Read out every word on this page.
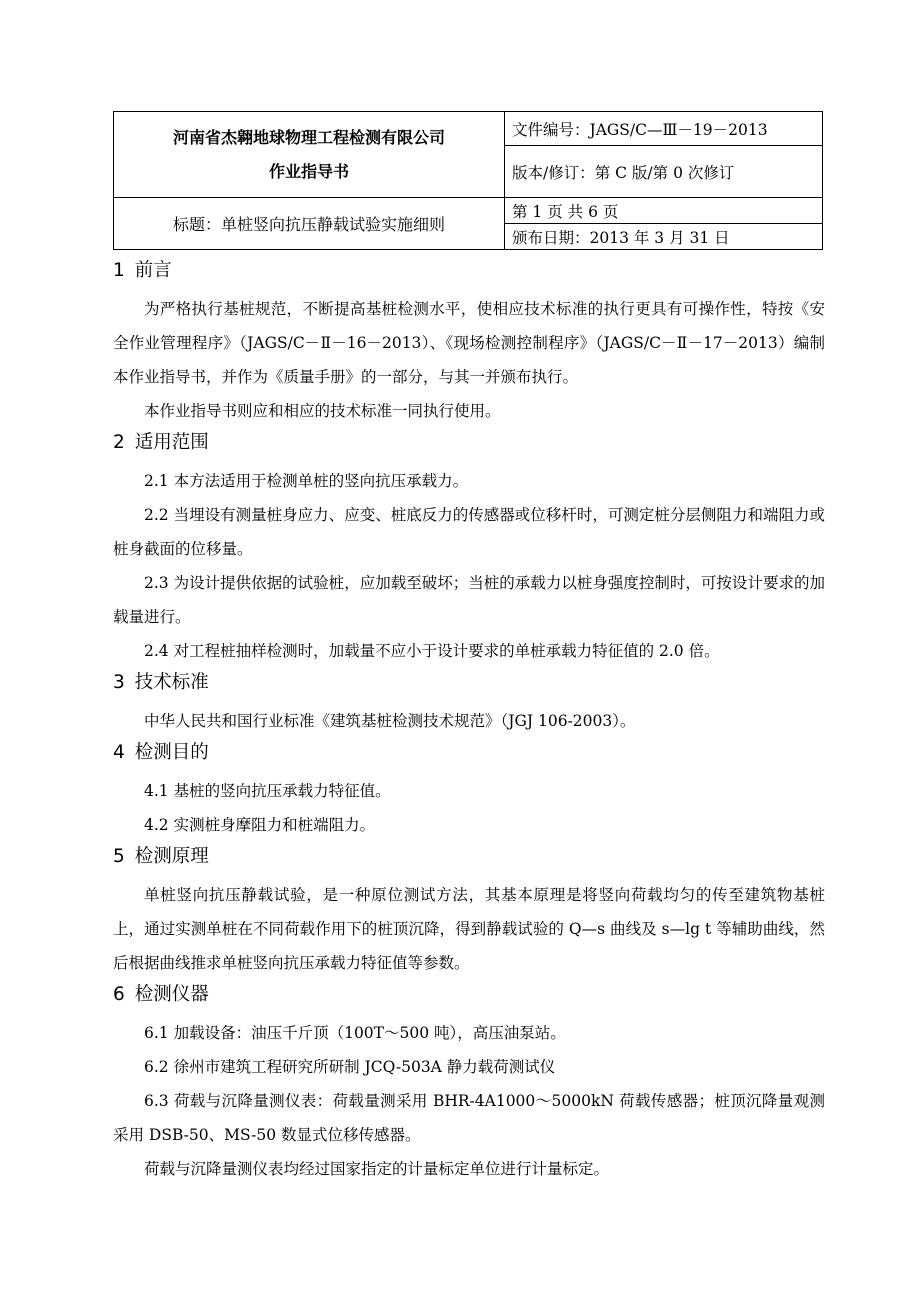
河南省杰翱地球物理工程检测有限公司
作业指导书	文件编号：JAGS/C—Ⅲ－19－2013
	版本/修订：第 C 版/第 0 次修订
标题：单桩竖向抗压静载试验实施细则	第 1 页 共 6 页
	颁布日期：2013 年 3 月 31 日
1 前言

为严格执行基桩规范，不断提高基桩检测水平，使相应技术标准的执行更具有可操作性，特按《安全作业管理程序》（JAGS/C－Ⅱ－16－2013）、《现场检测控制程序》（JAGS/C－Ⅱ－17－2013）编制本作业指导书，并作为《质量手册》的一部分，与其一并颁布执行。

本作业指导书则应和相应的技术标准一同执行使用。

2 适用范围

2.1 本方法适用于检测单桩的竖向抗压承载力。

2.2 当埋设有测量桩身应力、应变、桩底反力的传感器或位移杆时，可测定桩分层侧阻力和端阻力或桩身截面的位移量。

2.3 为设计提供依据的试验桩，应加载至破坏；当桩的承载力以桩身强度控制时，可按设计要求的加载量进行。

2.4 对工程桩抽样检测时，加载量不应小于设计要求的单桩承载力特征值的 2.0 倍。

3 技术标准

中华人民共和国行业标准《建筑基桩检测技术规范》（JGJ 106-2003）。

4 检测目的

4.1 基桩的竖向抗压承载力特征值。

4.2 实测桩身摩阻力和桩端阻力。

5 检测原理

单桩竖向抗压静载试验，是一种原位测试方法，其基本原理是将竖向荷载均匀的传至建筑物基桩上，通过实测单桩在不同荷载作用下的桩顶沉降，得到静载试验的 Q—s 曲线及 s—lg t 等辅助曲线，然后根据曲线推求单桩竖向抗压承载力特征值等参数。

6 检测仪器

6.1 加载设备：油压千斤顶（100T～500 吨），高压油泵站。

6.2 徐州市建筑工程研究所研制 JCQ-503A 静力载荷测试仪

6.3 荷载与沉降量测仪表：荷载量测采用 BHR-4A1000～5000kN 荷载传感器；桩顶沉降量观测采用 DSB-50、MS-50 数显式位移传感器。

荷载与沉降量测仪表均经过国家指定的计量标定单位进行计量标定。
